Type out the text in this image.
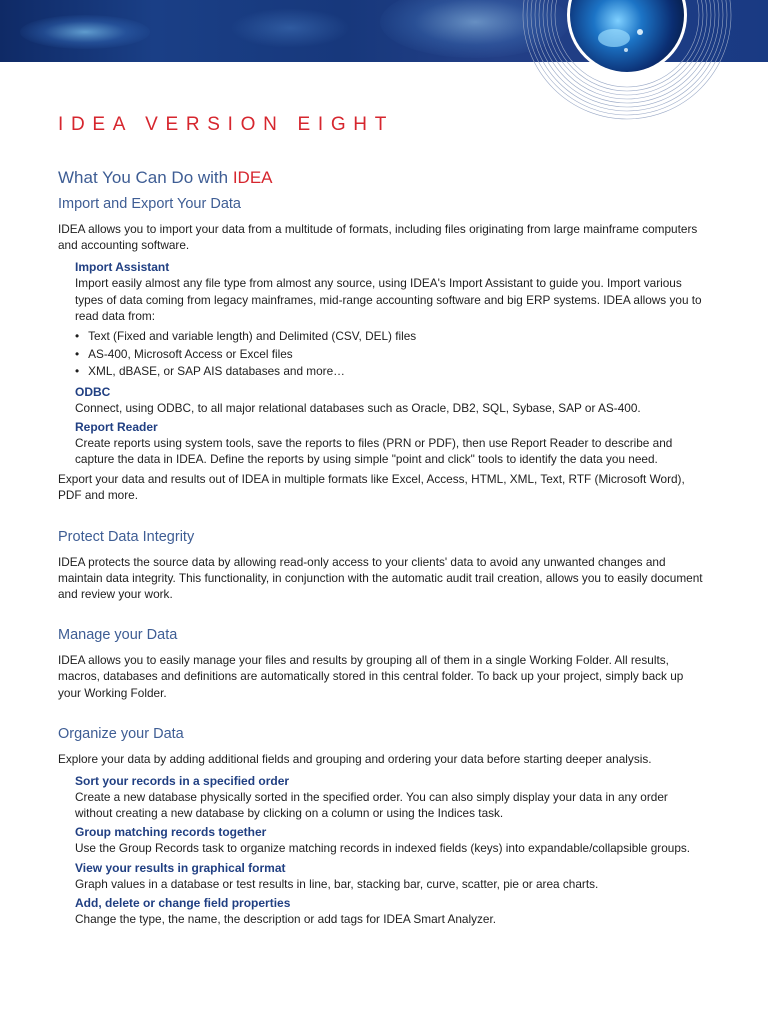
IDEA VERSION EIGHT
What You Can Do with IDEA
Import and Export Your Data

IDEA allows you to import your data from a multitude of formats, including files originating from large mainframe computers and accounting software.

Import Assistant

Import easily almost any file type from almost any source, using IDEA's Import Assistant to guide you. Import various types of data coming from legacy mainframes, mid-range accounting software and big ERP systems. IDEA allows you to read data from:

• Text (Fixed and variable length) and Delimited (CSV, DEL) files
• AS-400, Microsoft Access or Excel files
• XML, dBASE, or SAP AIS databases and more…
ODBC

Connect, using ODBC, to all major relational databases such as Oracle, DB2, SQL, Sybase, SAP or AS-400.

Report Reader

Create reports using system tools, save the reports to files (PRN or PDF), then use Report Reader to describe and capture the data in IDEA. Define the reports by using simple "point and click" tools to identify the data you need.

Export your data and results out of IDEA in multiple formats like Excel, Access, HTML, XML, Text, RTF (Microsoft Word), PDF and more.

Protect Data Integrity

IDEA protects the source data by allowing read-only access to your clients' data to avoid any unwanted changes and maintain data integrity. This functionality, in conjunction with the automatic audit trail creation, allows you to easily document and review your work.

Manage your Data

IDEA allows you to easily manage your files and results by grouping all of them in a single Working Folder. All results, macros, databases and definitions are automatically stored in this central folder. To back up your project, simply back up your Working Folder.

Organize your Data

Explore your data by adding additional fields and grouping and ordering your data before starting deeper analysis.

Sort your records in a specified order

Create a new database physically sorted in the specified order. You can also simply display your data in any order without creating a new database by clicking on a column or using the Indices task.

Group matching records together

Use the Group Records task to organize matching records in indexed fields (keys) into expandable/collapsible groups.

View your results in graphical format

Graph values in a database or test results in line, bar, stacking bar, curve, scatter, pie or area charts.

Add, delete or change field properties

Change the type, the name, the description or add tags for IDEA Smart Analyzer.
